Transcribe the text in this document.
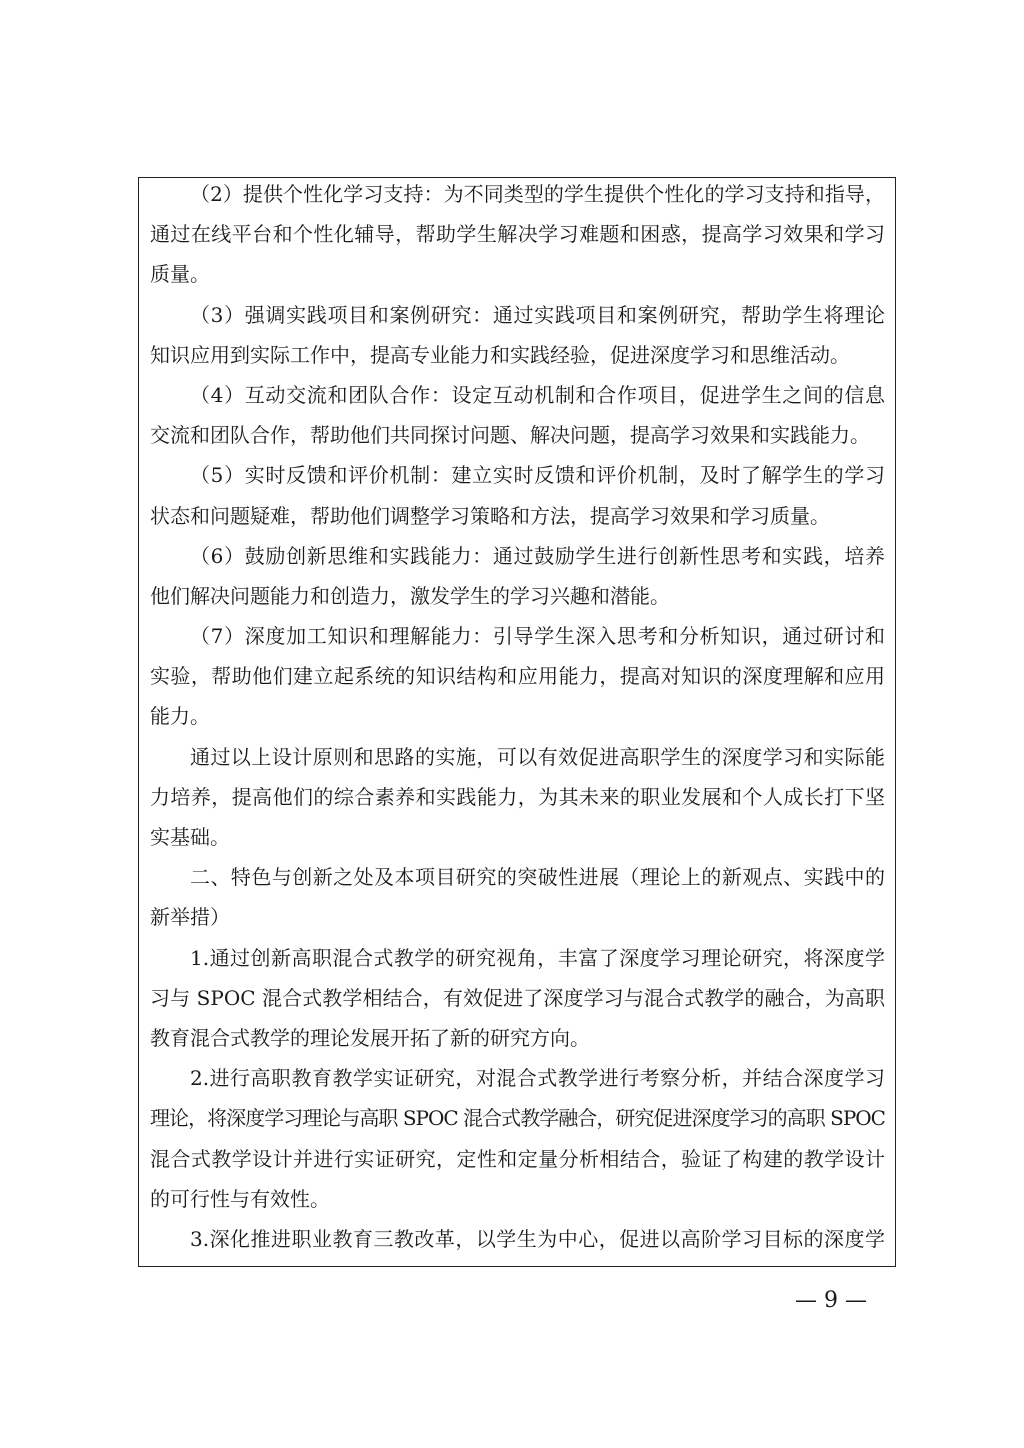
（2）提供个性化学习支持：为不同类型的学生提供个性化的学习支持和指导，
通过在线平台和个性化辅导，帮助学生解决学习难题和困惑，提高学习效果和学习
质量。
（3）强调实践项目和案例研究：通过实践项目和案例研究，帮助学生将理论
知识应用到实际工作中，提高专业能力和实践经验，促进深度学习和思维活动。
（4）互动交流和团队合作：设定互动机制和合作项目，促进学生之间的信息
交流和团队合作，帮助他们共同探讨问题、解决问题，提高学习效果和实践能力。
（5）实时反馈和评价机制：建立实时反馈和评价机制，及时了解学生的学习
状态和问题疑难，帮助他们调整学习策略和方法，提高学习效果和学习质量。
（6）鼓励创新思维和实践能力：通过鼓励学生进行创新性思考和实践，培养
他们解决问题能力和创造力，激发学生的学习兴趣和潜能。
（7）深度加工知识和理解能力：引导学生深入思考和分析知识，通过研讨和
实验，帮助他们建立起系统的知识结构和应用能力，提高对知识的深度理解和应用
能力。
通过以上设计原则和思路的实施，可以有效促进高职学生的深度学习和实际能
力培养，提高他们的综合素养和实践能力，为其未来的职业发展和个人成长打下坚
实基础。
二、特色与创新之处及本项目研究的突破性进展（理论上的新观点、实践中的
新举措）
1.通过创新高职混合式教学的研究视角，丰富了深度学习理论研究，将深度学
习与 SPOC 混合式教学相结合，有效促进了深度学习与混合式教学的融合，为高职
教育混合式教学的理论发展开拓了新的研究方向。
2.进行高职教育教学实证研究，对混合式教学进行考察分析，并结合深度学习
理论，将深度学习理论与高职 SPOC 混合式教学融合，研究促进深度学习的高职 SPOC
混合式教学设计并进行实证研究，定性和定量分析相结合，验证了构建的教学设计
的可行性与有效性。
3.深化推进职业教育三教改革，以学生为中心，促进以高阶学习目标的深度学
— 9 —
